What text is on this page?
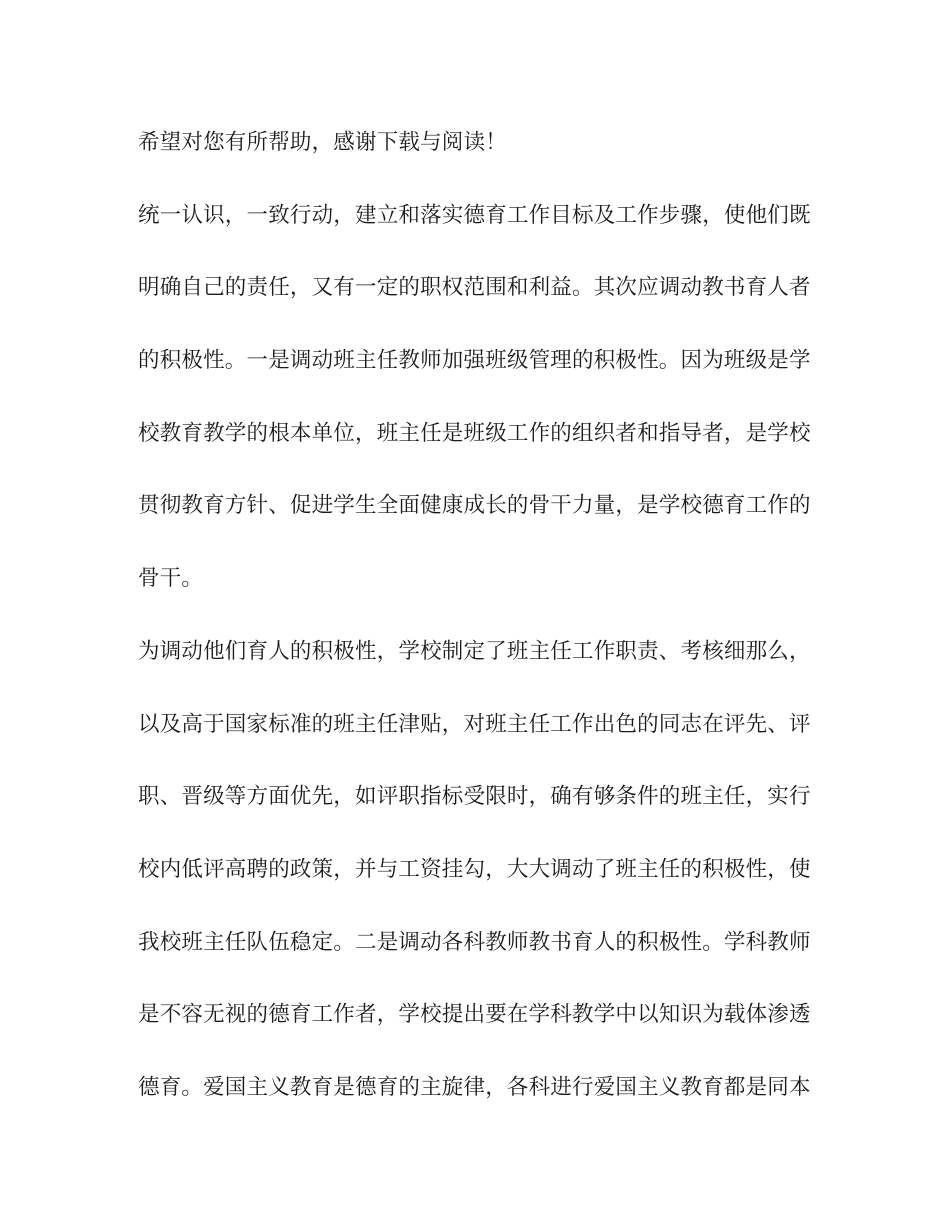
希望对您有所帮助，感谢下载与阅读！
统一认识，一致行动，建立和落实德育工作目标及工作步骤，使他们既
明确自己的责任，又有一定的职权范围和利益。其次应调动教书育人者
的积极性。一是调动班主任教师加强班级管理的积极性。因为班级是学
校教育教学的根本单位，班主任是班级工作的组织者和指导者，是学校
贯彻教育方针、促进学生全面健康成长的骨干力量，是学校德育工作的
骨干。
为调动他们育人的积极性，学校制定了班主任工作职责、考核细那么，
以及高于国家标准的班主任津贴，对班主任工作出色的同志在评先、评
职、晋级等方面优先，如评职指标受限时，确有够条件的班主任，实行
校内低评高聘的政策，并与工资挂勾，大大调动了班主任的积极性，使
我校班主任队伍稳定。二是调动各科教师教书育人的积极性。学科教师
是不容无视的德育工作者，学校提出要在学科教学中以知识为载体渗透
德育。爱国主义教育是德育的主旋律，各科进行爱国主义教育都是同本
